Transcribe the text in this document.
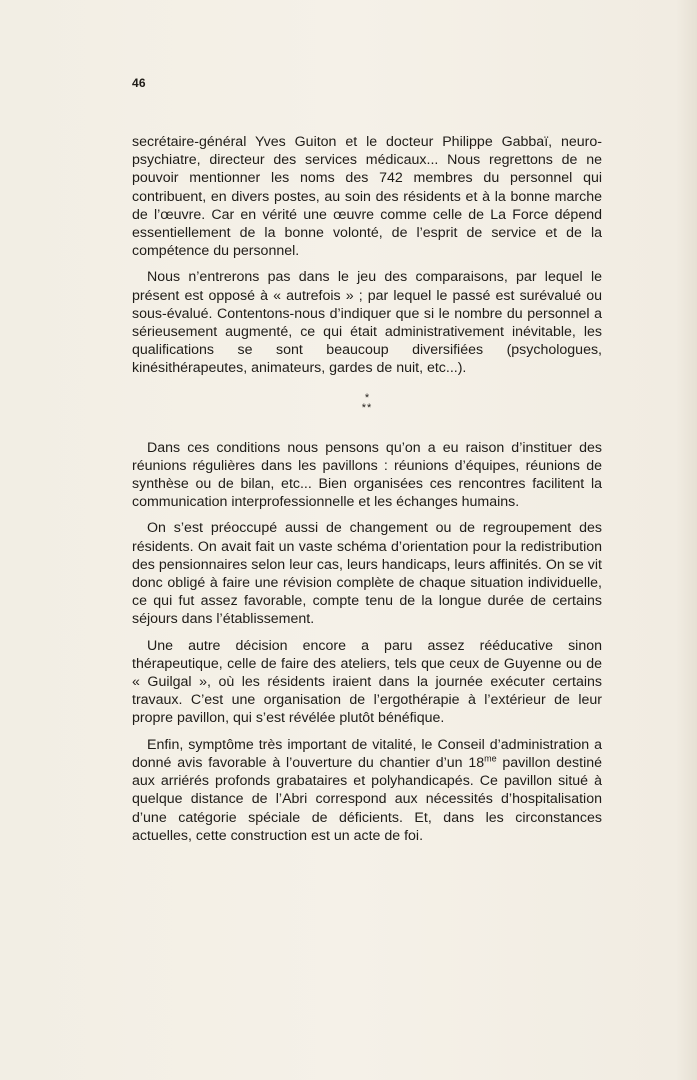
46

secrétaire-général Yves Guiton et le docteur Philippe Gabbaï, neuro-psychiatre, directeur des services médicaux... Nous regrettons de ne pouvoir mentionner les noms des 742 membres du personnel qui contribuent, en divers postes, au soin des résidents et à la bonne marche de l’œuvre. Car en vérité une œuvre comme celle de La Force dépend essentiellement de la bonne volonté, de l’esprit de service et de la compétence du personnel.

Nous n’entrerons pas dans le jeu des comparaisons, par lequel le présent est opposé à « autrefois » ; par lequel le passé est surévalué ou sous-évalué. Contentons-nous d’indiquer que si le nombre du personnel a sérieusement augmenté, ce qui était administrativement inévitable, les qualifications se sont beaucoup diversifiées (psychologues, kinésithérapeutes, animateurs, gardes de nuit, etc...).

*
**

Dans ces conditions nous pensons qu’on a eu raison d’instituer des réunions régulières dans les pavillons : réunions d’équipes, réunions de synthèse ou de bilan, etc... Bien organisées ces rencontres facilitent la communication interprofessionnelle et les échanges humains.

On s’est préoccupé aussi de changement ou de regroupement des résidents. On avait fait un vaste schéma d’orientation pour la redistribution des pensionnaires selon leur cas, leurs handicaps, leurs affinités. On se vit donc obligé à faire une révision complète de chaque situation individuelle, ce qui fut assez favorable, compte tenu de la longue durée de certains séjours dans l’établissement.

Une autre décision encore a paru assez rééducative sinon thérapeutique, celle de faire des ateliers, tels que ceux de Guyenne ou de « Guilgal », où les résidents iraient dans la journée exécuter certains travaux. C’est une organisation de l’ergothérapie à l’extérieur de leur propre pavillon, qui s’est révélée plutôt bénéfique.

Enfin, symptôme très important de vitalité, le Conseil d’administration a donné avis favorable à l’ouverture du chantier d’un $18^{me}$ pavillon destiné aux arriérés profonds grabataires et polyhandicapés. Ce pavillon situé à quelque distance de l’Abri correspond aux nécessités d’hospitalisation d’une catégorie spéciale de déficients. Et, dans les circonstances actuelles, cette construction est un acte de foi.
